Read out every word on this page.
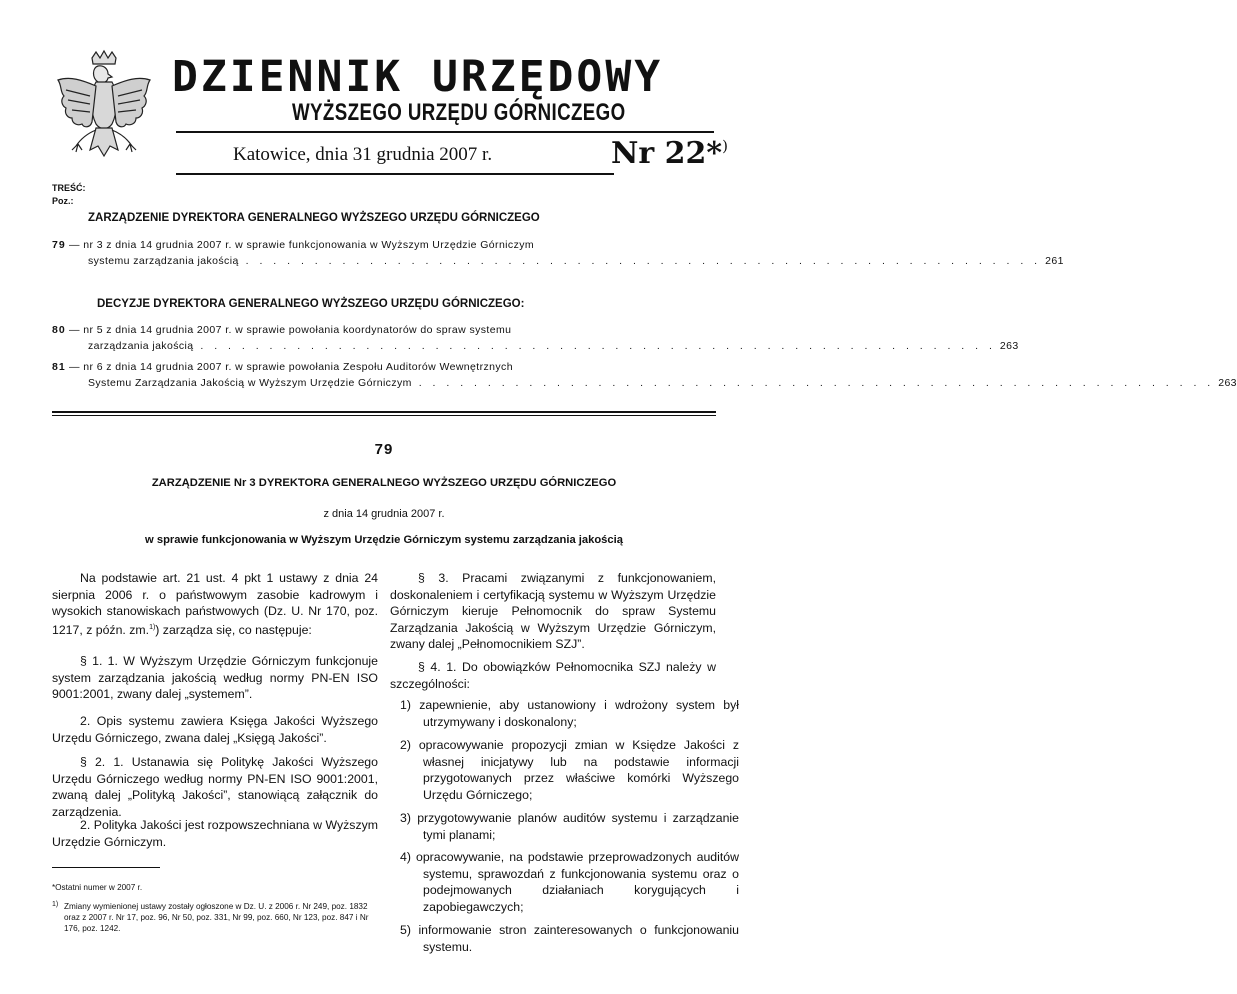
DZIENNIK URZĘDOWY
WYŻSZEGO URZĘDU GÓRNICZEGO
Katowice, dnia 31 grudnia 2007 r.	Nr 22*)
TREŚĆ:
Poz.:
ZARZĄDZENIE DYREKTORA GENERALNEGO WYŻSZEGO URZĘDU GÓRNICZEGO
79 — nr 3 z dnia 14 grudnia 2007 r. w sprawie funkcjonowania w Wyższym Urzędzie Górniczym
systemu zarządzania jakością . . . . . . . . . . . . . . . . . . . . . . . . . . . . . . . . . . . . . . . . . . . . . . . . . . . . . . . . . . 261
DECYZJE DYREKTORA GENERALNEGO WYŻSZEGO URZĘDU GÓRNICZEGO:
80 — nr 5 z dnia 14 grudnia 2007 r. w sprawie powołania koordynatorów do spraw systemu
zarządzania jakością . . . . . . . . . . . . . . . . . . . . . . . . . . . . . . . . . . . . . . . . . . . . . . . . . . . . . . . . . . 263
81 — nr 6 z dnia 14 grudnia 2007 r. w sprawie powołania Zespołu Auditorów Wewnętrznych
Systemu Zarządzania Jakością w Wyższym Urzędzie Górniczym . . . . . . . . . . . . . . . . . . . . . . . . . . . . . . . . . . . . . . . . . . . . . . . . . . . . . . . . . . 263
79
ZARZĄDZENIE Nr 3 DYREKTORA GENERALNEGO WYŻSZEGO URZĘDU GÓRNICZEGO
z dnia 14 grudnia 2007 r.
w sprawie funkcjonowania w Wyższym Urzędzie Górniczym systemu zarządzania jakością
Na podstawie art. 21 ust. 4 pkt 1 ustawy z dnia 24 sierpnia 2006 r. o państwowym zasobie kadrowym i wysokich stanowiskach państwowych (Dz. U. Nr 170, poz. 1217, z późn. zm.$^{1)}$) zarządza się, co następuje:
§ 1. 1. W Wyższym Urzędzie Górniczym funkcjonuje system zarządzania jakością według normy PN-EN ISO 9001:2001, zwany dalej „systemem”.
2. Opis systemu zawiera Księga Jakości Wyższego Urzędu Górniczego, zwana dalej „Księgą Jakości”.
§ 2. 1. Ustanawia się Politykę Jakości Wyższego Urzędu Górniczego według normy PN-EN ISO 9001:2001, zwaną dalej „Polityką Jakości”, stanowiącą załącznik do zarządzenia.
2. Polityka Jakości jest rozpowszechniana w Wyższym Urzędzie Górniczym.
*Ostatni numer w 2007 r.
1) Zmiany wymienionej ustawy zostały ogłoszone w Dz. U. z 2006 r. Nr 249, poz. 1832 oraz z 2007 r. Nr 17, poz. 96, Nr 50, poz. 331, Nr 99, poz. 660, Nr 123, poz. 847 i Nr 176, poz. 1242.
§ 3. Pracami związanymi z funkcjonowaniem, doskonaleniem i certyfikacją systemu w Wyższym Urzędzie Górniczym kieruje Pełnomocnik do spraw Systemu Zarządzania Jakością w Wyższym Urzędzie Górniczym, zwany dalej „Pełnomocnikiem SZJ”.
§ 4. 1. Do obowiązków Pełnomocnika SZJ należy w szczególności:
1) zapewnienie, aby ustanowiony i wdrożony system był utrzymywany i doskonalony;
2) opracowywanie propozycji zmian w Księdze Jakości z własnej inicjatywy lub na podstawie informacji przygotowanych przez właściwe komórki Wyższego Urzędu Górniczego;
3) przygotowywanie planów auditów systemu i zarządzanie tymi planami;
4) opracowywanie, na podstawie przeprowadzonych auditów systemu, sprawozdań z funkcjonowania systemu oraz o podejmowanych działaniach korygujących i zapobiegawczych;
5) informowanie stron zainteresowanych o funkcjonowaniu systemu.
